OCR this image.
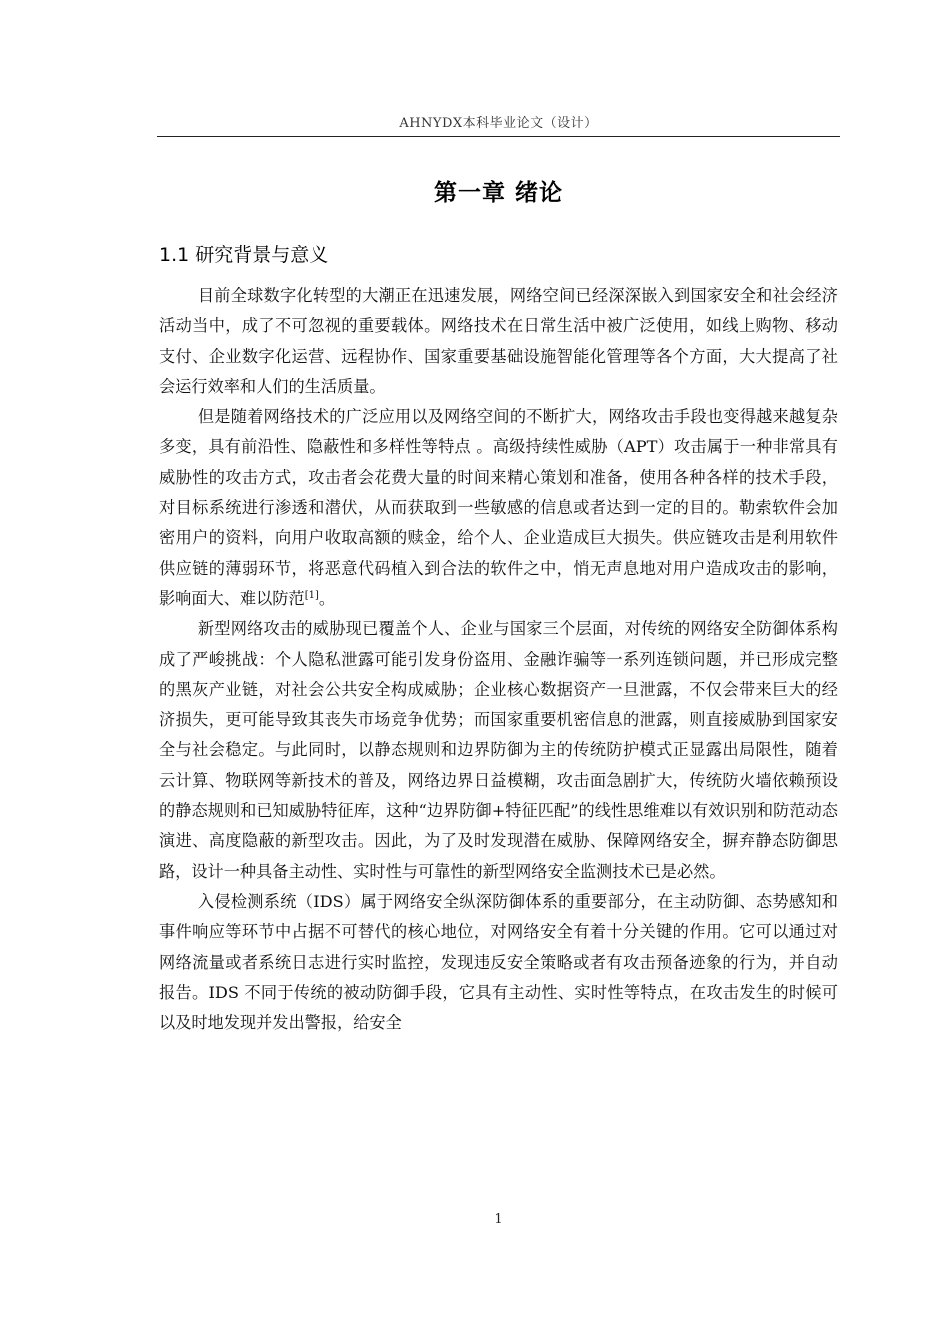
AHNYDX本科毕业论文（设计）
第一章 绪论
1.1 研究背景与意义

目前全球数字化转型的大潮正在迅速发展，网络空间已经深深嵌入到国家安全和社会经济活动当中，成了不可忽视的重要载体。网络技术在日常生活中被广泛使用，如线上购物、移动支付、企业数字化运营、远程协作、国家重要基础设施智能化管理等各个方面，大大提高了社会运行效率和人们的生活质量。

但是随着网络技术的广泛应用以及网络空间的不断扩大，网络攻击手段也变得越来越复杂多变，具有前沿性、隐蔽性和多样性等特点 。高级持续性威胁（APT）攻击属于一种非常具有威胁性的攻击方式，攻击者会花费大量的时间来精心策划和准备，使用各种各样的技术手段，对目标系统进行渗透和潜伏，从而获取到一些敏感的信息或者达到一定的目的。勒索软件会加密用户的资料，向用户收取高额的赎金，给个人、企业造成巨大损失。供应链攻击是利用软件供应链的薄弱环节，将恶意代码植入到合法的软件之中，悄无声息地对用户造成攻击的影响，影响面大、难以防范[1]。

新型网络攻击的威胁现已覆盖个人、企业与国家三个层面，对传统的网络安全防御体系构成了严峻挑战：个人隐私泄露可能引发身份盗用、金融诈骗等一系列连锁问题，并已形成完整的黑灰产业链，对社会公共安全构成威胁；企业核心数据资产一旦泄露，不仅会带来巨大的经济损失，更可能导致其丧失市场竞争优势；而国家重要机密信息的泄露，则直接威胁到国家安全与社会稳定。与此同时，以静态规则和边界防御为主的传统防护模式正显露出局限性，随着云计算、物联网等新技术的普及，网络边界日益模糊，攻击面急剧扩大，传统防火墙依赖预设的静态规则和已知威胁特征库，这种“边界防御+特征匹配”的线性思维难以有效识别和防范动态演进、高度隐蔽的新型攻击。因此，为了及时发现潜在威胁、保障网络安全，摒弃静态防御思路，设计一种具备主动性、实时性与可靠性的新型网络安全监测技术已是必然。

入侵检测系统（IDS）属于网络安全纵深防御体系的重要部分，在主动防御、态势感知和事件响应等环节中占据不可替代的核心地位，对网络安全有着十分关键的作用。它可以通过对网络流量或者系统日志进行实时监控，发现违反安全策略或者有攻击预备迹象的行为，并自动报告。IDS 不同于传统的被动防御手段，它具有主动性、实时性等特点，在攻击发生的时候可以及时地发现并发出警报，给安全

1
